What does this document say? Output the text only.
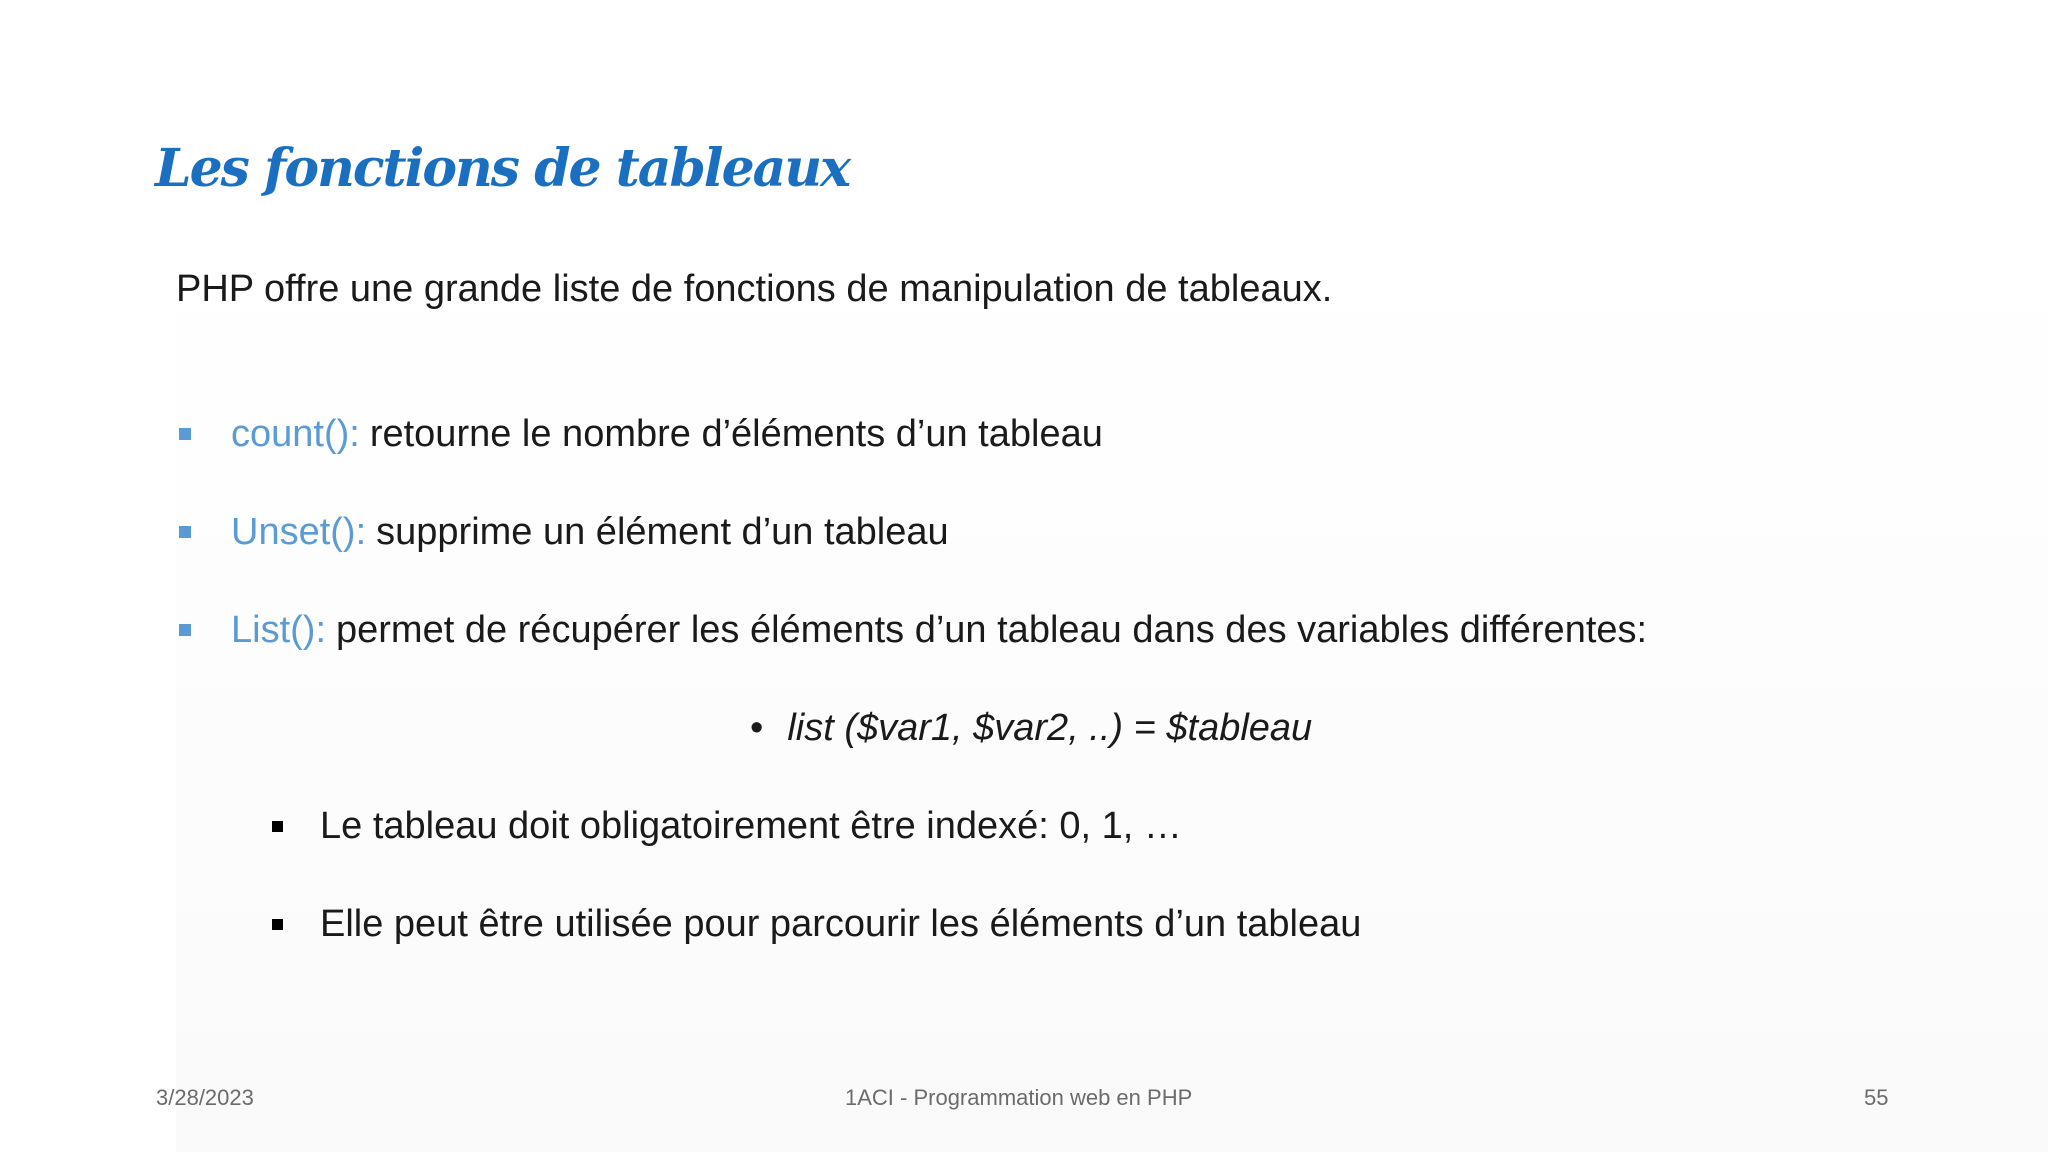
Les fonctions de tableaux
PHP offre une grande liste de fonctions de manipulation de tableaux.
count(): retourne le nombre d’éléments d’un tableau
Unset(): supprime un élément d’un tableau
List(): permet de récupérer les éléments d’un tableau dans des variables différentes:
• list ($var1, $var2, ..) = $tableau
Le tableau doit obligatoirement être indexé: 0, 1, …
Elle peut être utilisée pour parcourir les éléments d’un tableau
3/28/2023	1ACI - Programmation web en PHP	55
